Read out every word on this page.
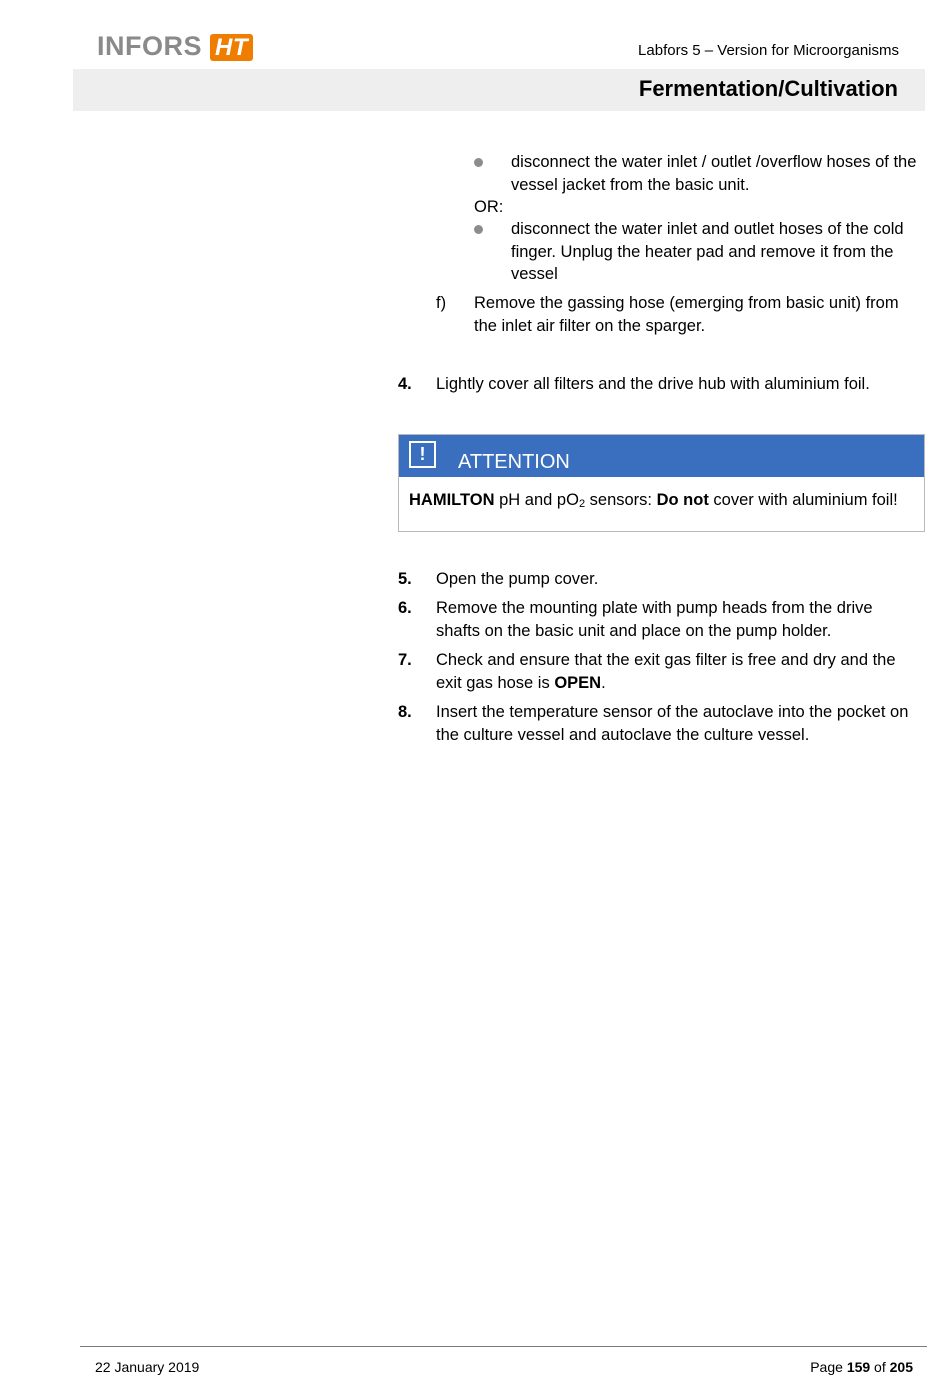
INFORS HT	Labfors 5 – Version for Microorganisms
Fermentation/Cultivation
disconnect the water inlet / outlet /overflow hoses of the vessel jacket from the basic unit.
OR:
disconnect the water inlet and outlet hoses of the cold finger. Unplug the heater pad and remove it from the vessel
f) Remove the gassing hose (emerging from basic unit) from the inlet air filter on the sparger.
4. Lightly cover all filters and the drive hub with aluminium foil.
!	ATTENTION
HAMILTON pH and pO2 sensors: Do not cover with aluminium foil!
5. Open the pump cover.
6. Remove the mounting plate with pump heads from the drive shafts on the basic unit and place on the pump holder.
7. Check and ensure that the exit gas filter is free and dry and the exit gas hose is OPEN.
8. Insert the temperature sensor of the autoclave into the pocket on the culture vessel and autoclave the culture vessel.
22 January 2019	Page 159 of 205
